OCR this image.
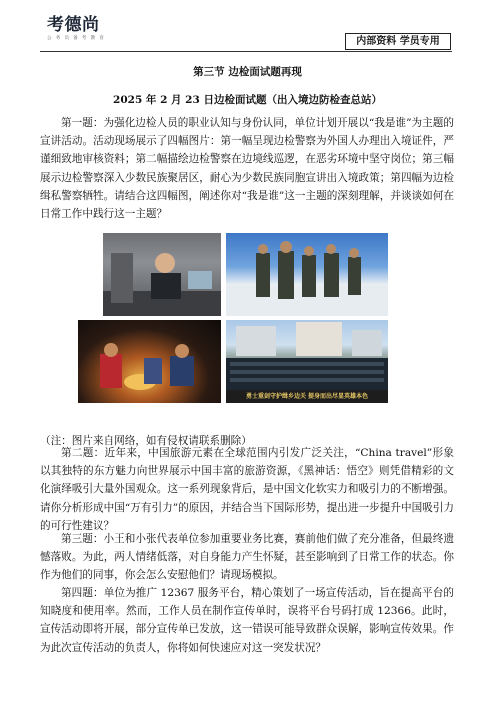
考德尚
公 务 员 备 考 教 育	内部资料 学员专用
第三节 边检面试题再现
2025 年 2 月 23 日边检面试题（出入境边防检查总站）

第一题：为强化边检人员的职业认知与身份认同，单位计划开展以“我是谁”为主题的宣讲活动。活动现场展示了四幅图片：第一幅呈现边检警察为外国人办理出入境证件，严谨细致地审核资料；第二幅描绘边检警察在边境线巡逻，在恶劣环境中坚守岗位；第三幅展示边检警察深入少数民族聚居区，耐心为少数民族同胞宣讲出入境政策；第四幅为边检缉私警察牺牲。请结合这四幅图，阐述你对“我是谁”这一主题的深刻理解，并谈谈如何在日常工作中践行这一主题？

勇士重剑守护缉乡边关 提身而出尽显英雄本色
（注：图片来自网络，如有侵权请联系删除）

第二题：近年来，中国旅游元素在全球范围内引发广泛关注，“China travel”形象以其独特的东方魅力向世界展示中国丰富的旅游资源，《黑神话：悟空》则凭借精彩的文化演绎吸引大量外国观众。这一系列现象背后，是中国文化软实力和吸引力的不断增强。请你分析形成中国“万有引力”的原因，并结合当下国际形势，提出进一步提升中国吸引力的可行性建议？

第三题：小王和小张代表单位参加重要业务比赛，赛前他们做了充分准备，但最终遗憾落败。为此，两人情绪低落，对自身能力产生怀疑，甚至影响到了日常工作的状态。你作为他们的同事，你会怎么安慰他们？请现场模拟。

第四题：单位为推广 12367 服务平台，精心策划了一场宣传活动，旨在提高平台的知晓度和使用率。然而，工作人员在制作宣传单时，误将平台号码打成 12366。此时，宣传活动即将开展，部分宣传单已发放，这一错误可能导致群众误解，影响宣传效果。作为此次宣传活动的负责人，你将如何快速应对这一突发状况？
